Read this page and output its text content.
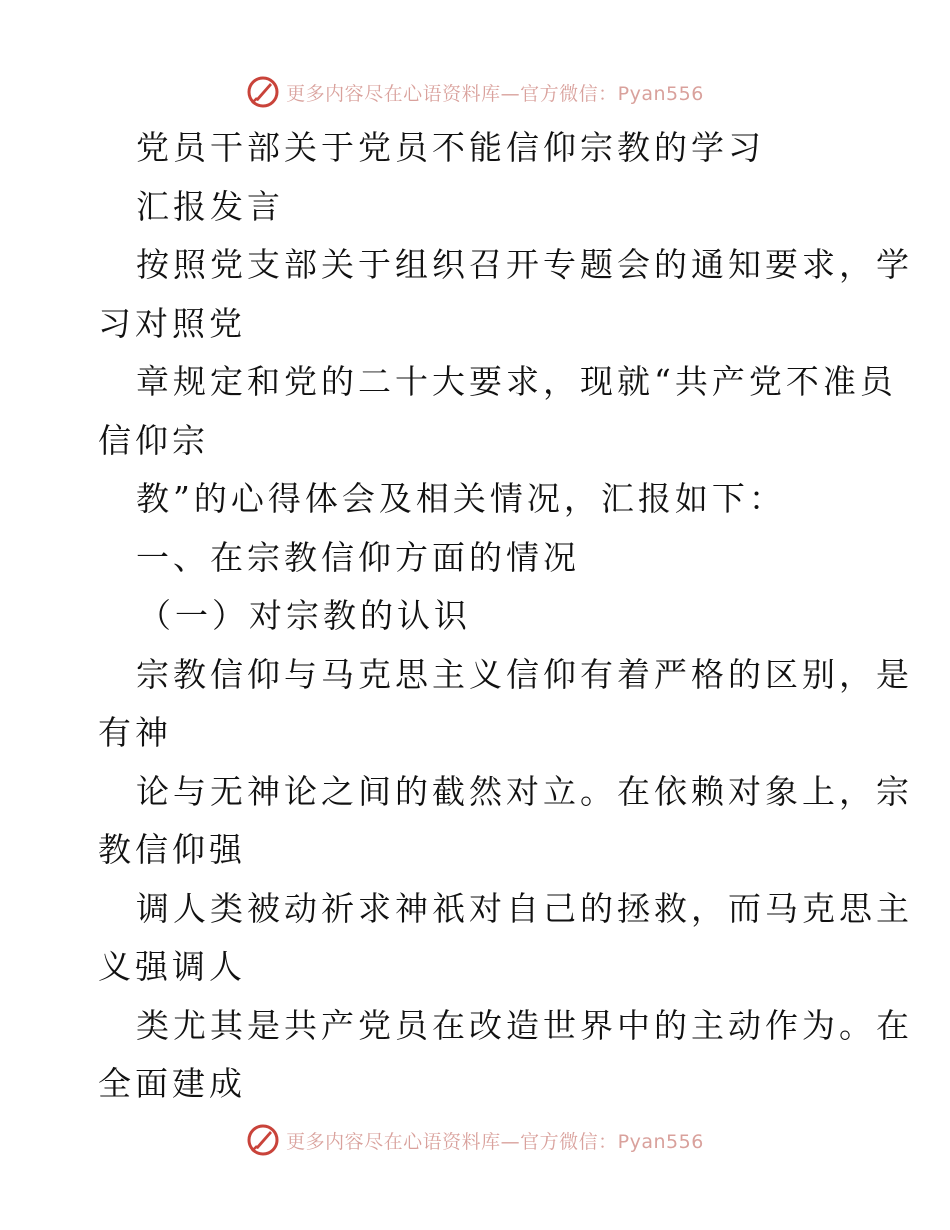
更多内容尽在心语资料库—官方微信：Pyan556
党员干部关于党员不能信仰宗教的学习
汇报发言
按照党支部关于组织召开专题会的通知要求，学
习对照党
章规定和党的二十大要求，现就“共产党不准员
信仰宗
教”的心得体会及相关情况，汇报如下：
一、在宗教信仰方面的情况
（一）对宗教的认识
宗教信仰与马克思主义信仰有着严格的区别，是
有神
论与无神论之间的截然对立。在依赖对象上，宗
教信仰强
调人类被动祈求神祇对自己的拯救，而马克思主
义强调人
类尤其是共产党员在改造世界中的主动作为。在
全面建成
更多内容尽在心语资料库—官方微信：Pyan556
